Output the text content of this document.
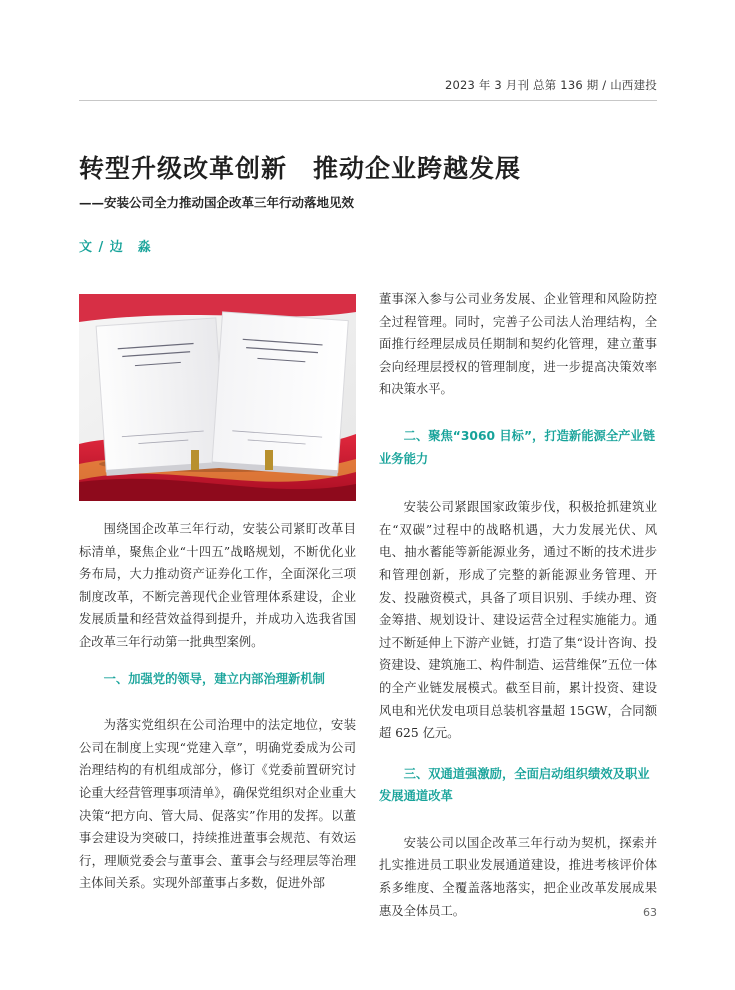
2023 年 3 月刊 总第 136 期 / 山西建投
转型升级改革创新　推动企业跨越发展
——安装公司全力推动国企改革三年行动落地见效
文 / 边　淼

围绕国企改革三年行动，安装公司紧盯改革目标清单，聚焦企业“十四五”战略规划，不断优化业务布局，大力推动资产证券化工作，全面深化三项制度改革，不断完善现代企业管理体系建设，企业发展质量和经营效益得到提升，并成功入选我省国企改革三年行动第一批典型案例。

一、加强党的领导，建立内部治理新机制

为落实党组织在公司治理中的法定地位，安装公司在制度上实现“党建入章”，明确党委成为公司治理结构的有机组成部分，修订《党委前置研究讨论重大经营管理事项清单》，确保党组织对企业重大决策“把方向、管大局、促落实”作用的发挥。以董事会建设为突破口，持续推进董事会规范、有效运行，理顺党委会与董事会、董事会与经理层等治理主体间关系。实现外部董事占多数，促进外部

董事深入参与公司业务发展、企业管理和风险防控全过程管理。同时，完善子公司法人治理结构，全面推行经理层成员任期制和契约化管理，建立董事会向经理层授权的管理制度，进一步提高决策效率和决策水平。

二、聚焦“3060 目标”，打造新能源全产业链业务能力

安装公司紧跟国家政策步伐，积极抢抓建筑业在“双碳”过程中的战略机遇，大力发展光伏、风电、抽水蓄能等新能源业务，通过不断的技术进步和管理创新，形成了完整的新能源业务管理、开发、投融资模式，具备了项目识别、手续办理、资金筹措、规划设计、建设运营全过程实施能力。通过不断延伸上下游产业链，打造了集“设计咨询、投资建设、建筑施工、构件制造、运营维保”五位一体的全产业链发展模式。截至目前，累计投资、建设风电和光伏发电项目总装机容量超 15GW，合同额超 625 亿元。

三、双通道强激励，全面启动组织绩效及职业发展通道改革

安装公司以国企改革三年行动为契机，探索并扎实推进员工职业发展通道建设，推进考核评价体系多维度、全覆盖落地落实，把企业改革发展成果惠及全体员工。	63
